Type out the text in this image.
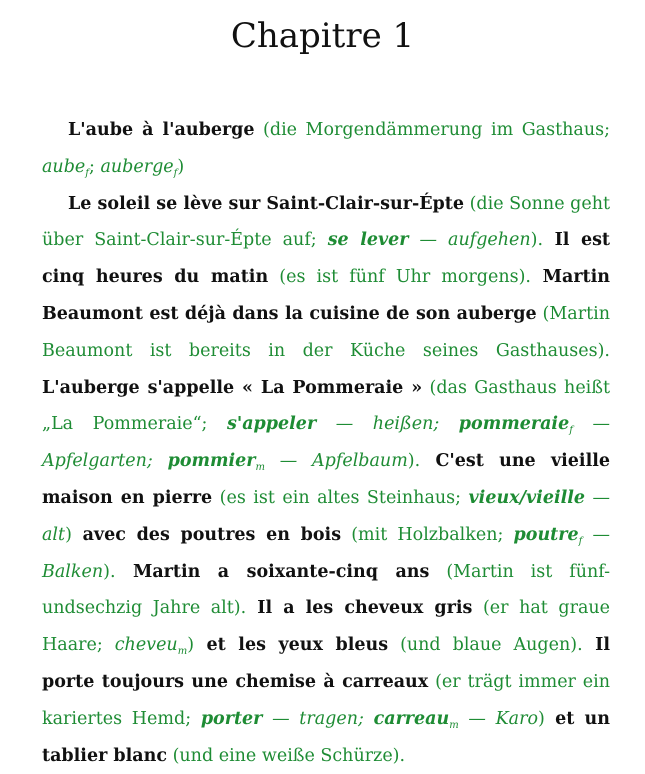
Chapitre 1

L'aube à l'auberge (die Morgendämmerung im Gasthaus; aube$_f$; auberge$_f$)

Le soleil se lève sur Saint-Clair-sur-Épte (die Sonne geht über Saint-Clair-sur-Épte auf; se lever — aufgehen). Il est cinq heures du matin (es ist fünf Uhr morgens). Martin Beaumont est déjà dans la cuisine de son auberge (Martin Beaumont ist bereits in der Küche seines Gasthauses). L'auberge s'appelle « La Pommeraie » (das Gasthaus heißt „La Pommeraie“; s'appeler — heißen; pommeraie$_f$ — Apfelgarten; pommier$_m$ — Apfelbaum). C'est une vieille maison en pierre (es ist ein altes Steinhaus; vieux/vieille — alt) avec des poutres en bois (mit Holzbalken; poutre$_f$ — Balken). Martin a soixante-cinq ans (Martin ist fünf-undsechzig Jahre alt). Il a les cheveux gris (er hat graue Haare; cheveu$_m$) et les yeux bleus (und blaue Augen). Il porte toujours une chemise à carreaux (er trägt immer ein kariertes Hemd; porter — tragen; carreau$_m$ — Karo) et un tablier blanc (und eine weiße Schürze).
